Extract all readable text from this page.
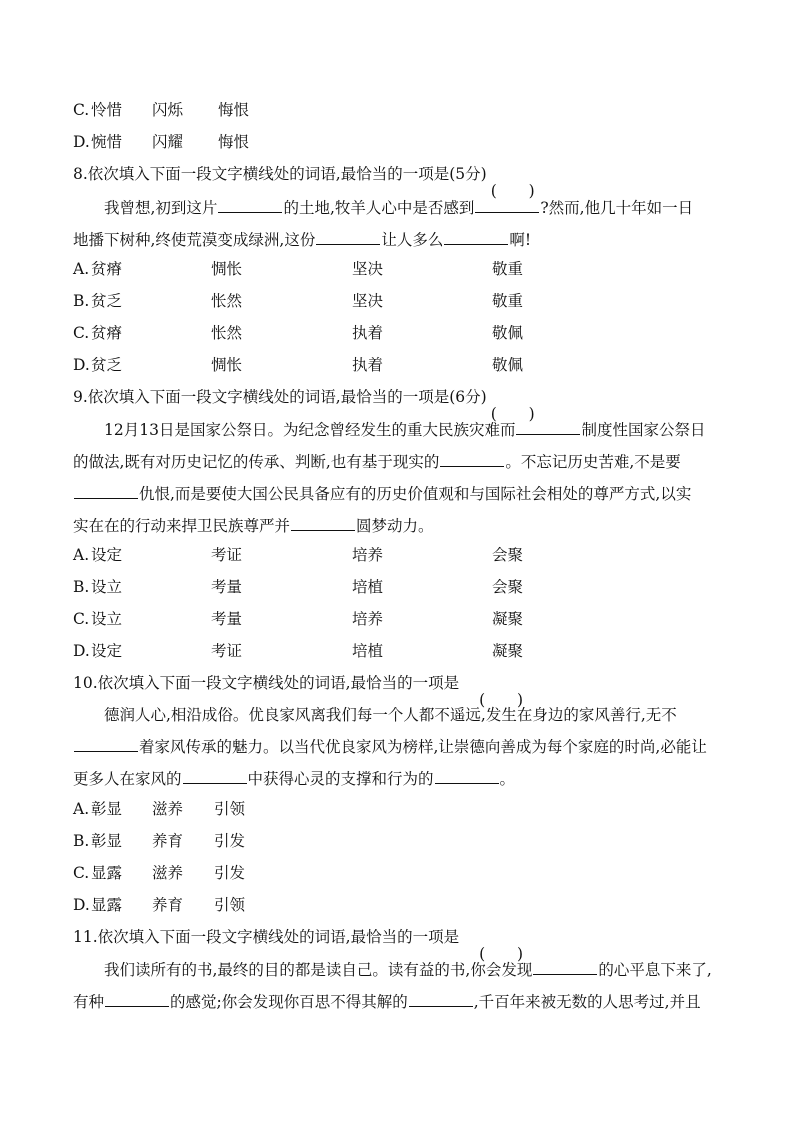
C. 怜惜 闪烁 悔恨
D. 惋惜 闪耀 悔恨
8.依次填入下面一段文字横线处的词语,最恰当的一项是(5分)
我曾想,初到这片	的土地,牧羊人心中是否感到	?然而,他几十年如一日
地播下树种,终使荒漠变成绿洲,这份	让人多么	啊!
A. 贫瘠	惆怅	坚决	敬重
B. 贫乏	怅然	坚决	敬重
C. 贫瘠	怅然	执着	敬佩
D. 贫乏	惆怅	执着	敬佩
9.依次填入下面一段文字横线处的词语,最恰当的一项是(6分)
12月13日是国家公祭日。为纪念曾经发生的重大民族灾难而	制度性国家公祭日
的做法,既有对历史记忆的传承、判断,也有基于现实的	。不忘记历史苦难,不是要
仇恨,而是要使大国公民具备应有的历史价值观和与国际社会相处的尊严方式,以实
实在在的行动来捍卫民族尊严并	圆梦动力。
A. 设定	考证	培养	会聚
B. 设立	考量	培植	会聚
C. 设立	考量	培养	凝聚
D. 设定	考证	培植	凝聚
10.依次填入下面一段文字横线处的词语,最恰当的一项是
德润人心,相沿成俗。优良家风离我们每一个人都不遥远,发生在身边的家风善行,无不
着家风传承的魅力。以当代优良家风为榜样,让崇德向善成为每个家庭的时尚,必能让
更多人在家风的	中获得心灵的支撑和行为的	。
A. 彰显 滋养 引领
B. 彰显 养育 引发
C. 显露 滋养 引发
D. 显露 养育 引领
11.依次填入下面一段文字横线处的词语,最恰当的一项是
我们读所有的书,最终的目的都是读自己。读有益的书,你会发现	的心平息下来了,
有种	的感觉;你会发现你百思不得其解的	,千百年来被无数的人思考过,并且
